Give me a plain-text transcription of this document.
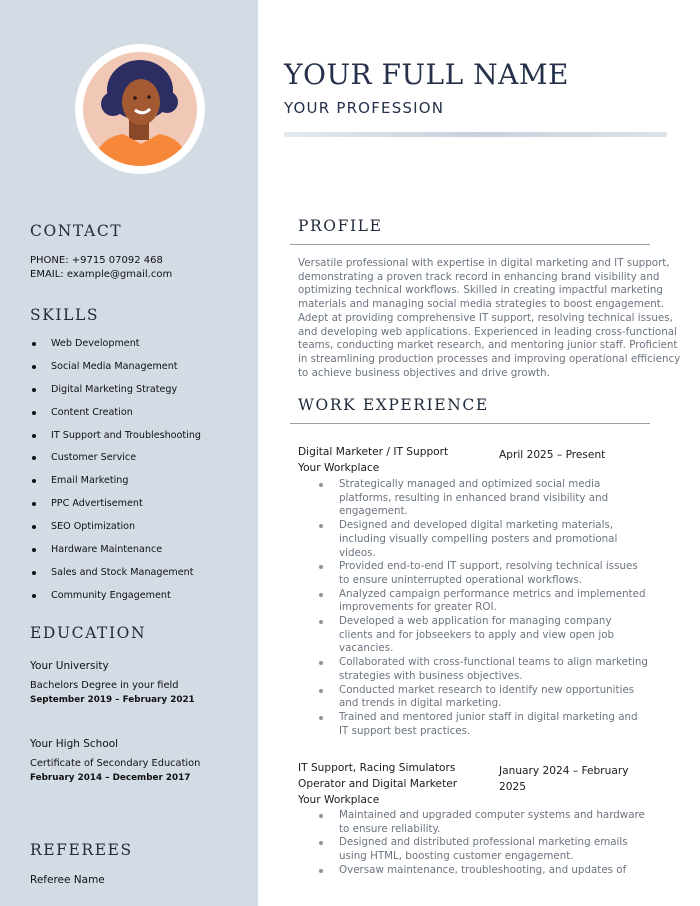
CONTACT
PHONE: +9715 07092 468
EMAIL: example@gmail.com
SKILLS
Web Development
Social Media Management
Digital Marketing Strategy
Content Creation
IT Support and Troubleshooting
Customer Service
Email Marketing
PPC Advertisement
SEO Optimization
Hardware Maintenance
Sales and Stock Management
Community Engagement
EDUCATION
Your University
Bachelors Degree in your field
September 2019 – February 2021
Your High School
Certificate of Secondary Education
February 2014 – December 2017
REFEREES
Referee Name
YOUR FULL NAME
YOUR PROFESSION
PROFILE

Versatile professional with expertise in digital marketing and IT support, demonstrating a proven track record in enhancing brand visibility and optimizing technical workflows. Skilled in creating impactful marketing materials and managing social media strategies to boost engagement. Adept at providing comprehensive IT support, resolving technical issues, and developing web applications. Experienced in leading cross-functional teams, conducting market research, and mentoring junior staff. Proficient in streamlining production processes and improving operational efficiency to achieve business objectives and drive growth.

WORK EXPERIENCE
Digital Marketer / IT Support
Your Workplace
April 2025 – Present
Strategically managed and optimized social media platforms, resulting in enhanced brand visibility and engagement.
Designed and developed digital marketing materials, including visually compelling posters and promotional videos.
Provided end-to-end IT support, resolving technical issues to ensure uninterrupted operational workflows.
Analyzed campaign performance metrics and implemented improvements for greater ROI.
Developed a web application for managing company clients and for jobseekers to apply and view open job vacancies.
Collaborated with cross-functional teams to align marketing strategies with business objectives.
Conducted market research to identify new opportunities and trends in digital marketing.
Trained and mentored junior staff in digital marketing and IT support best practices.
IT Support, Racing Simulators Operator and Digital Marketer
Your Workplace
January 2024 – February 2025
Maintained and upgraded computer systems and hardware to ensure reliability.
Designed and distributed professional marketing emails using HTML, boosting customer engagement.
Oversaw maintenance, troubleshooting, and updates of
